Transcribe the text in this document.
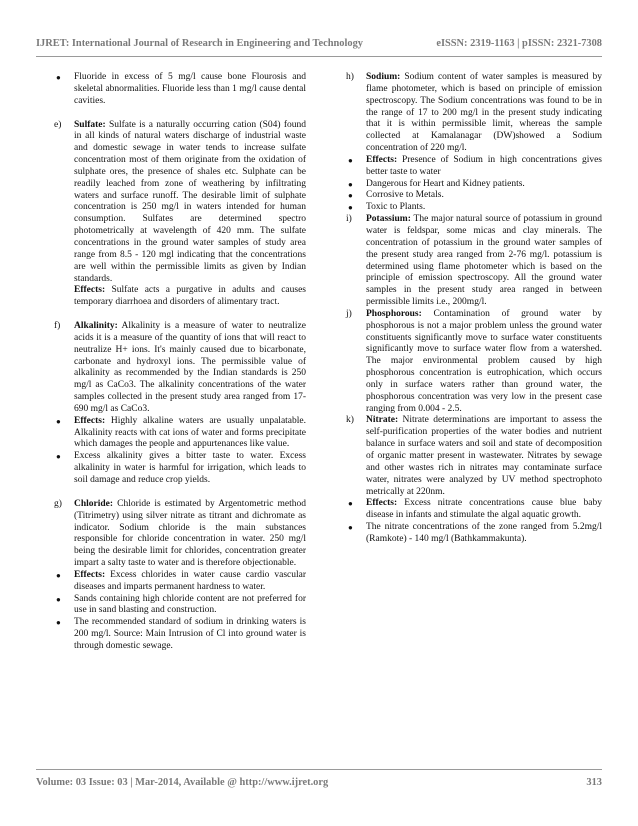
IJRET: International Journal of Research in Engineering and Technology	eISSN: 2319-1163 | pISSN: 2321-7308
● Fluoride in excess of 5 mg/l cause bone Flourosis and skeletal abnormalities. Fluoride less than 1 mg/l cause dental cavities.
e) Sulfate: Sulfate is a naturally occurring cation (S04) found in all kinds of natural waters discharge of industrial waste and domestic sewage in water tends to increase sulfate concentration most of them originate from the oxidation of sulphate ores, the presence of shales etc. Sulphate can be readily leached from zone of weathering by infiltrating waters and surface runoff. The desirable limit of sulphate concentration is 250 mg/l in waters intended for human consumption. Sulfates are determined spectro photometrically at wavelength of 420 mm. The sulfate concentrations in the ground water samples of study area range from 8.5 - 120 mgl indicating that the concentrations are well within the permissible limits as given by Indian standards.

Effects: Sulfate acts a purgative in adults and causes temporary diarrhoea and disorders of alimentary tract.

f) Alkalinity: Alkalinity is a measure of water to neutralize acids it is a measure of the quantity of ions that will react to neutralize H+ ions. It's mainly caused due to bicarbonate, carbonate and hydroxyl ions. The permissible value of alkalinity as recommended by the Indian standards is 250 mg/l as CaCo3. The alkalinity concentrations of the water samples collected in the present study area ranged from 17-690 mg/l as CaCo3.

● Effects: Highly alkaline waters are usually unpalatable. Alkalinity reacts with cat ions of water and forms precipitate which damages the people and appurtenances like value.
● Excess alkalinity gives a bitter taste to water. Excess alkalinity in water is harmful for irrigation, which leads to soil damage and reduce crop yields.
g) Chloride: Chloride is estimated by Argentometric method (Titrimetry) using silver nitrate as titrant and dichromate as indicator. Sodium chloride is the main substances responsible for chloride concentration in water. 250 mg/l being the desirable limit for chlorides, concentration greater impart a salty taste to water and is therefore objectionable.

● Effects: Excess chlorides in water cause cardio vascular diseases and imparts permanent hardness to water.
● Sands containing high chloride content are not preferred for use in sand blasting and construction.
● The recommended standard of sodium in drinking waters is 200 mg/l. Source: Main Intrusion of Cl into ground water is through domestic sewage.
h) Sodium: Sodium content of water samples is measured by flame photometer, which is based on principle of emission spectroscopy. The Sodium concentrations was found to be in the range of 17 to 200 mg/l in the present study indicating that it is within permissible limit, whereas the sample collected at Kamalanagar (DW)showed a Sodium concentration of 220 mg/l.

● Effects: Presence of Sodium in high concentrations gives better taste to water
● Dangerous for Heart and Kidney patients.
● Corrosive to Metals.
● Toxic to Plants.
i) Potassium: The major natural source of potassium in ground water is feldspar, some micas and clay minerals. The concentration of potassium in the ground water samples of the present study area ranged from 2-76 mg/l. potassium is determined using flame photometer which is based on the principle of emission spectroscopy. All the ground water samples in the present study area ranged in between permissible limits i.e., 200mg/l.

j) Phosphorous: Contamination of ground water by phosphorous is not a major problem unless the ground water constituents significantly move to surface water constituents significantly move to surface water flow from a watershed. The major environmental problem caused by high phosphorous concentration is eutrophication, which occurs only in surface waters rather than ground water, the phosphorous concentration was very low in the present case ranging from 0.004 - 2.5.

k) Nitrate: Nitrate determinations are important to assess the self-purification properties of the water bodies and nutrient balance in surface waters and soil and state of decomposition of organic matter present in wastewater. Nitrates by sewage and other wastes rich in nitrates may contaminate surface water, nitrates were analyzed by UV method spectrophoto metrically at 220nm.

● Effects: Excess nitrate concentrations cause blue baby disease in infants and stimulate the algal aquatic growth.
● The nitrate concentrations of the zone ranged from 5.2mg/l (Ramkote) - 140 mg/l (Bathkammakunta).
Volume: 03 Issue: 03 | Mar-2014, Available @ http://www.ijret.org	313
